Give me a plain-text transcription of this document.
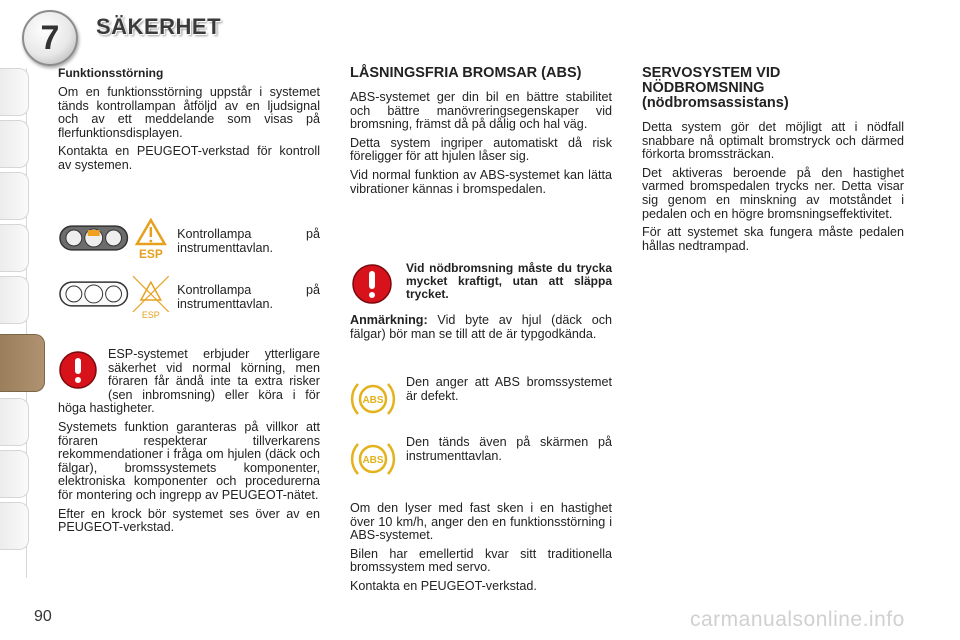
7 SÄKERHET

Funktionsstörning

Om en funktionsstörning uppstår i systemet tänds kontrollampan åtföljd av en ljudsignal och av ett meddelande som visas på flerfunktionsdisplayen.

Kontakta en PEUGEOT-verkstad för kontroll av systemen.

ESP
Kontrollampa på instrumenttavlan.
ESP
Kontrollampa på instrumenttavlan.

ESP-systemet erbjuder ytterligare säkerhet vid normal körning, men föraren får ändå inte ta extra risker (sen inbromsning) eller köra i för höga hastigheter.

Systemets funktion garanteras på villkor att föraren respekterar tillverkarens rekommendationer i fråga om hjulen (däck och fälgar), bromssystemets komponenter, elektroniska komponenter och procedurerna för montering och ingrepp av PEUGEOT-nätet.

Efter en krock bör systemet ses över av en PEUGEOT-verkstad.

LÅSNINGSFRIA BROMSAR (ABS)

ABS-systemet ger din bil en bättre stabilitet och bättre manövreringsegenskaper vid bromsning, främst då på dålig och hal väg.

Detta system ingriper automatiskt då risk föreligger för att hjulen låser sig.

Vid normal funktion av ABS-systemet kan lätta vibrationer kännas i bromspedalen.

Vid nödbromsning måste du trycka mycket kraftigt, utan att släppa trycket.

Anmärkning: Vid byte av hjul (däck och fälgar) bör man se till att de är typgodkända.

ABS
Den anger att ABS bromssystemet är defekt.
ABS
Den tänds även på skärmen på instrumenttavlan.

Om den lyser med fast sken i en hastighet över 10 km/h, anger den en funktionsstörning i ABS-systemet.

Bilen har emellertid kvar sitt traditionella bromssystem med servo.

Kontakta en PEUGEOT-verkstad.

SERVOSYSTEM VID NÖDBROMSNING (nödbromsassistans)

Detta system gör det möjligt att i nödfall snabbare nå optimalt bromstryck och därmed förkorta bromssträckan.

Det aktiveras beroende på den hastighet varmed bromspedalen trycks ner. Detta visar sig genom en minskning av motståndet i pedalen och en högre bromsningseffektivitet.

För att systemet ska fungera måste pedalen hållas nedtrampad.

90	carmanualsonline.info
